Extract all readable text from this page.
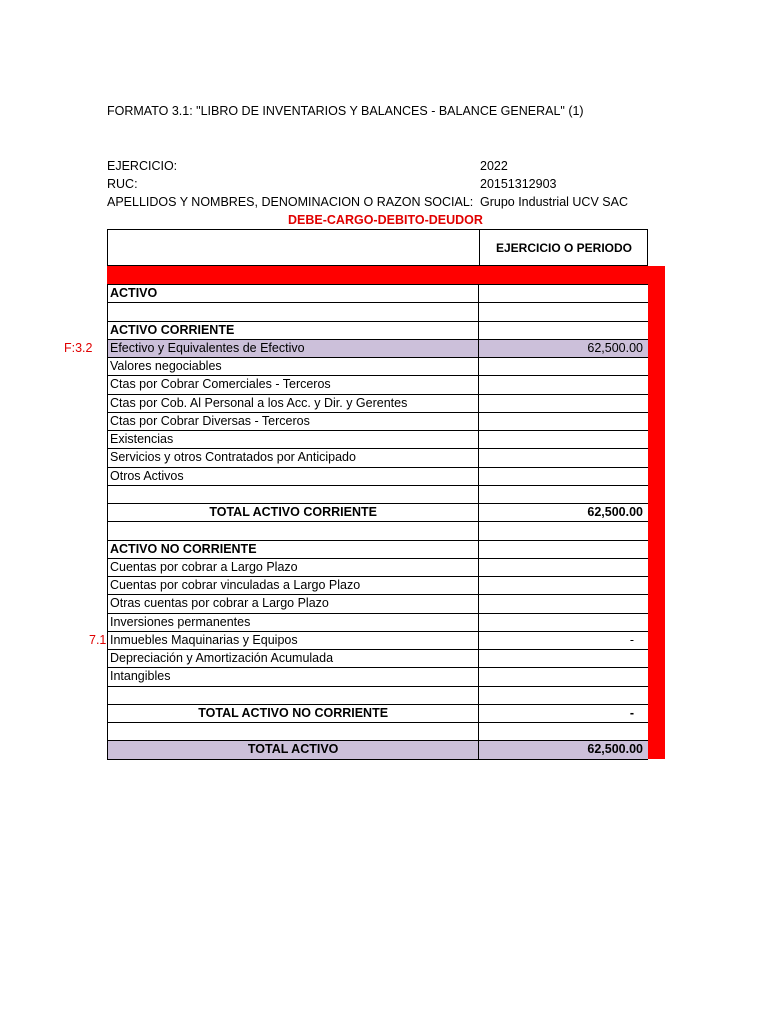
FORMATO 3.1: "LIBRO DE INVENTARIOS Y BALANCES - BALANCE GENERAL" (1)
EJERCICIO:	2022
RUC:	20151312903
APELLIDOS Y NOMBRES, DENOMINACION O RAZON SOCIAL: Grupo Industrial UCV SAC
DEBE-CARGO-DEBITO-DEUDOR
EJERCICIO O PERIODO
F:3.2
7.1
ACTIVO
ACTIVO CORRIENTE
Efectivo y Equivalentes de Efectivo	62,500.00
Valores negociables
Ctas por Cobrar Comerciales - Terceros
Ctas por Cob. Al Personal a los Acc. y Dir. y Gerentes
Ctas por Cobrar Diversas - Terceros
Existencias
Servicios y otros Contratados por Anticipado
Otros Activos
TOTAL ACTIVO CORRIENTE	62,500.00
ACTIVO NO CORRIENTE
Cuentas por cobrar a Largo Plazo
Cuentas por cobrar vinculadas a Largo Plazo
Otras cuentas por cobrar a Largo Plazo
Inversiones permanentes
Inmuebles Maquinarias y Equipos	-
Depreciación y Amortización Acumulada
Intangibles
TOTAL ACTIVO NO CORRIENTE	-
TOTAL ACTIVO	62,500.00
